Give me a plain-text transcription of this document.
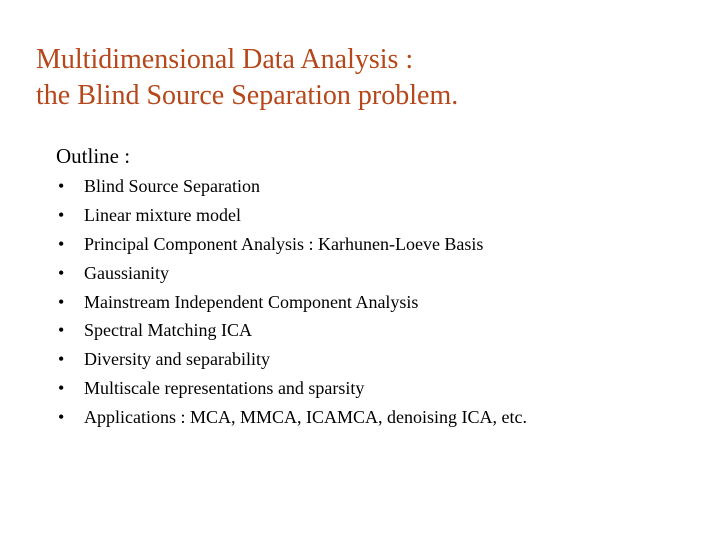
Multidimensional Data Analysis :
the Blind Source Separation problem.
Outline :
• Blind Source Separation
• Linear mixture model
• Principal Component Analysis : Karhunen-Loeve Basis
• Gaussianity
• Mainstream Independent Component Analysis
• Spectral Matching ICA
• Diversity and separability
• Multiscale representations and sparsity
• Applications : MCA, MMCA, ICAMCA, denoising ICA, etc.
